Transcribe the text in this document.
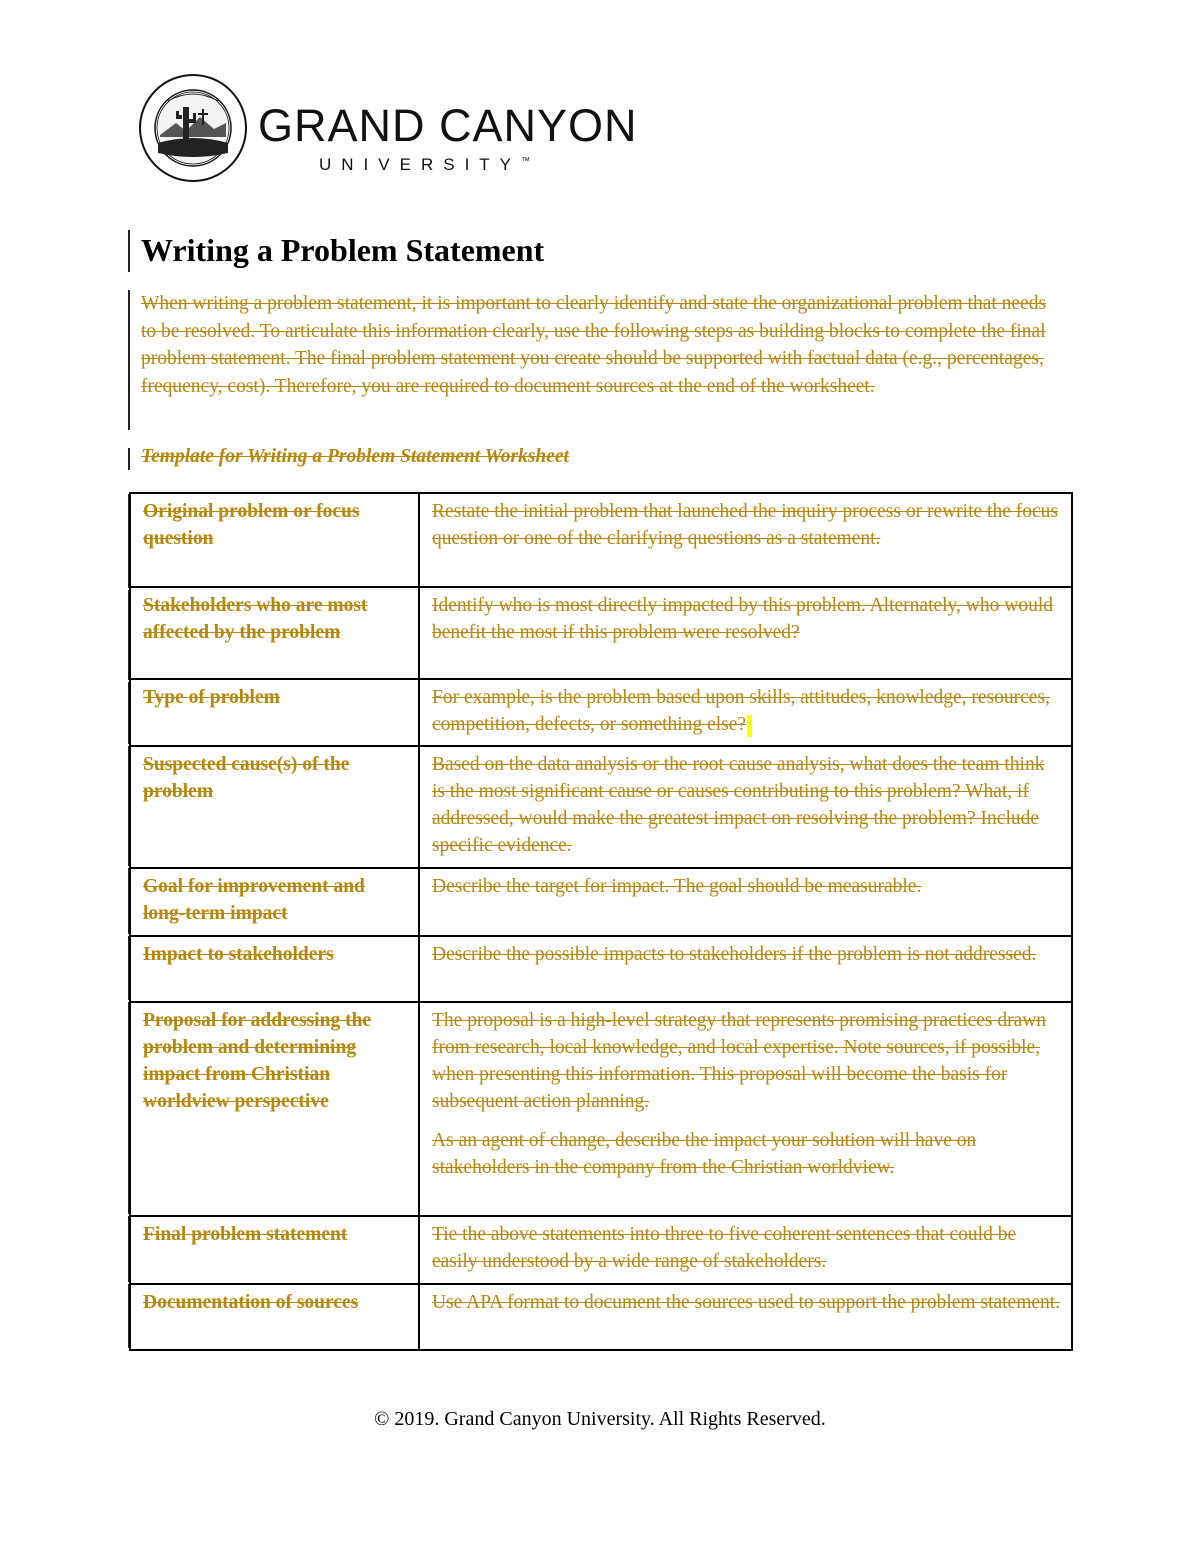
GRAND CANYON
UNIVERSITY™
Writing a Problem Statement

When writing a problem statement, it is important to clearly identify and state the organizational problem that needs to be resolved. To articulate this information clearly, use the following steps as building blocks to complete the final problem statement. The final problem statement you create should be supported with factual data (e.g., percentages, frequency, cost). Therefore, you are required to document sources at the end of the worksheet.

Template for Writing a Problem Statement Worksheet

Original problem or focus question	Restate the initial problem that launched the inquiry process or rewrite the focus question or one of the clarifying questions as a statement.
Stakeholders who are most affected by the problem	Identify who is most directly impacted by this problem. Alternately, who would benefit the most if this problem were resolved?
Type of problem	For example, is the problem based upon skills, attitudes, knowledge, resources, competition, defects, or something else?
Suspected cause(s) of the problem	Based on the data analysis or the root cause analysis, what does the team think is the most significant cause or causes contributing to this problem? What, if addressed, would make the greatest impact on resolving the problem? Include specific evidence.
Goal for improvement and long-term impact	Describe the target for impact. The goal should be measurable.
Impact to stakeholders	Describe the possible impacts to stakeholders if the problem is not addressed.
Proposal for addressing the problem and determining impact from Christian worldview perspective	The proposal is a high-level strategy that represents promising practices drawn from research, local knowledge, and local expertise. Note sources, if possible, when presenting this information. This proposal will become the basis for subsequent action planning.

As an agent of change, describe the impact your solution will have on stakeholders in the company from the Christian worldview.

Final problem statement	Tie the above statements into three to five coherent sentences that could be easily understood by a wide range of stakeholders.
Documentation of sources	Use APA format to document the sources used to support the problem statement.
© 2019. Grand Canyon University. All Rights Reserved.
